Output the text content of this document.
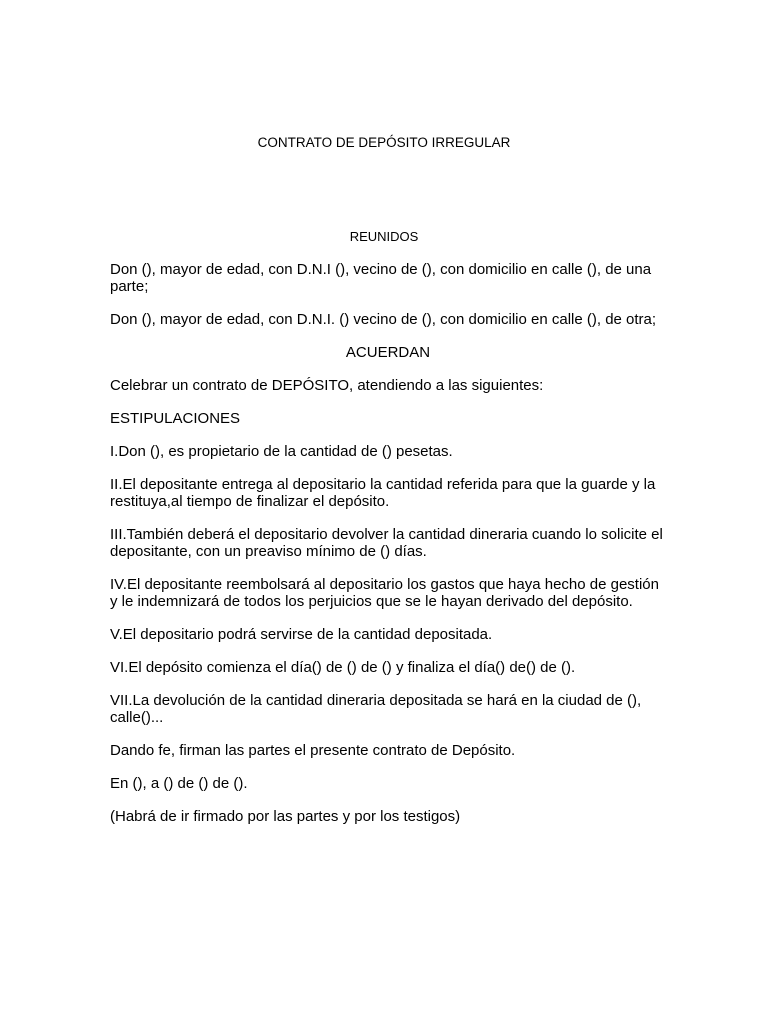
CONTRATO DE DEPÓSITO IRREGULAR
REUNIDOS

Don (), mayor de edad, con D.N.I (), vecino de (), con domicilio en calle (), de una parte;

Don (), mayor de edad, con D.N.I. () vecino de (), con domicilio en calle (), de otra;

ACUERDAN

Celebrar un contrato de DEPÓSITO, atendiendo a las siguientes:

ESTIPULACIONES

I.Don (), es propietario de la cantidad de () pesetas.

II.El depositante entrega al depositario la cantidad referida para que la guarde y la restituya,al tiempo de finalizar el depósito.

III.También deberá el depositario devolver la cantidad dineraria cuando lo solicite el depositante, con un preaviso mínimo de () días.

IV.El depositante reembolsará al depositario los gastos que haya hecho de gestión y le indemnizará de todos los perjuicios que se le hayan derivado del depósito.

V.El depositario podrá servirse de la cantidad depositada.

VI.El depósito comienza el día() de () de () y finaliza el día() de() de ().

VII.La devolución de la cantidad dineraria depositada se hará en la ciudad de (), calle()...

Dando fe, firman las partes el presente contrato de Depósito.

En (), a () de () de ().

(Habrá de ir firmado por las partes y por los testigos)
